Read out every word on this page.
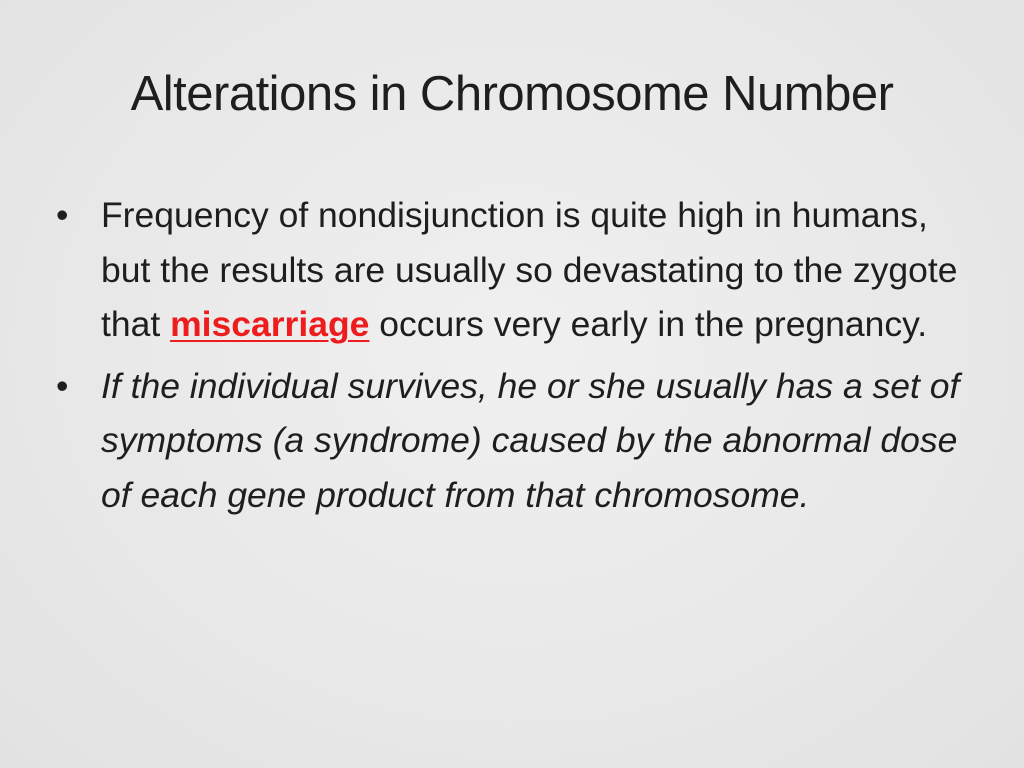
Alterations in Chromosome Number
• Frequency of nondisjunction is quite high in humans, but the results are usually so devastating to the zygote that miscarriage occurs very early in the pregnancy.
• If the individual survives, he or she usually has a set of symptoms (a syndrome) caused by the abnormal dose of each gene product from that chromosome.
